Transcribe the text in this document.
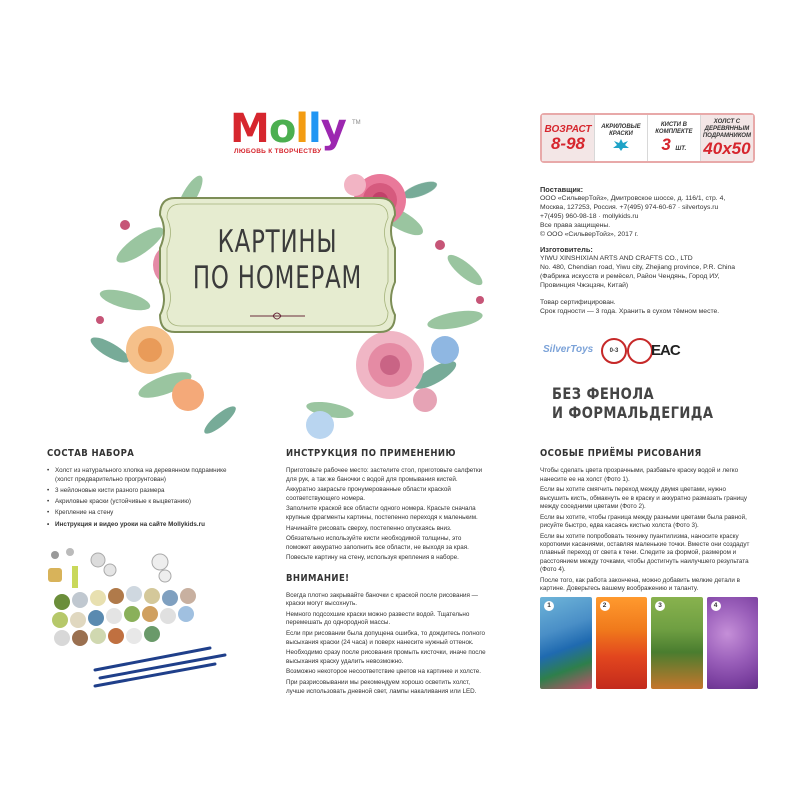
Molly	TM
ЛЮБОВЬ К ТВОРЧЕСТВУ
КАРТИНЫ
ПО НОМЕРАМ
ВОЗРАСТ
8-98
АКРИЛОВЫЕ КРАСКИ
КИСТИ В КОМПЛЕКТЕ
3 ШТ.
ХОЛСТ С ДЕРЕВЯННЫМ ПОДРАМНИКОМ
40х50
Поставщик:
ООО «СильверТойз», Дмитровское шоссе, д. 116/1, стр. 4,
Москва, 127253, Россия. +7(495) 974-60-67 · silvertoys.ru
+7(495) 960-98-18 · mollykids.ru
Все права защищены.
© ООО «СильверТойз», 2017 г.
Изготовитель:
YIWU XINSHIXIAN ARTS AND CRAFTS CO., LTD
No. 480, Chendian road, Yiwu city, Zhejiang province, P.R. China
(Фабрика искусств и ремёсел, Район Чендянь, Город ИУ,
Провинция Чжэцзян, Китай)
Товар сертифицирован.
Срок годности — 3 года. Хранить в сухом тёмном месте.
SilverToys	0-3	EAC
БЕЗ ФЕНОЛА
И ФОРМАЛЬДЕГИДА
СОСТАВ НАБОРА
• Холст из натурального хлопка на деревянном подрамнике (холст предварительно прогрунтован)
• 3 нейлоновые кисти разного размера
• Акриловые краски (устойчивые к выцветанию)
• Крепление на стену
• Инструкция и видео уроки на сайте Mollykids.ru
ИНСТРУКЦИЯ ПО ПРИМЕНЕНИЮ

Приготовьте рабочее место: застелите стол, приготовьте салфетки для рук, а так же баночки с водой для промывания кистей.

Аккуратно закрасьте пронумерованные области краской соответствующего номера.

Заполните краской все области одного номера. Красьте сначала крупные фрагменты картины, постепенно переходя к маленьким.

Начинайте рисовать сверху, постепенно опускаясь вниз.

Обязательно используйте кисти необходимой толщины, это поможет аккуратно заполнить все области, не выходя за края.

Повесьте картину на стену, используя крепления в наборе.

ВНИМАНИЕ!

Всегда плотно закрывайте баночки с краской после рисования — краски могут высохнуть.

Немного подсохшие краски можно развести водой. Тщательно перемешать до однородной массы.

Если при рисовании была допущена ошибка, то дождитесь полного высыхания краски (24 часа) и поверх нанесите нужный оттенок.

Необходимо сразу после рисования промыть кисточки, иначе после высыхания краску удалить невозможно.

Возможно некоторое несоответствие цветов на картинке и холсте.

При разрисовывании мы рекомендуем хорошо осветить холст, лучше использовать дневной свет, лампы накаливания или LED.

ОСОБЫЕ ПРИЁМЫ РИСОВАНИЯ

Чтобы сделать цвета прозрачными, разбавьте краску водой и легко нанесите ее на холст (Фото 1).

Если вы хотите смягчить переход между двумя цветами, нужно высушить кисть, обмакнуть ее в краску и аккуратно размазать границу между соседними цветами (Фото 2).

Если вы хотите, чтобы граница между разными цветами была равной, рисуйте быстро, едва касаясь кистью холста (Фото 3).

Если вы хотите попробовать технику пуантилизма, наносите краску короткими касаниями, оставляя маленькие точки. Вместе они создадут плавный переход от света к тени. Следите за формой, размером и расстоянием между точками, чтобы достигнуть наилучшего результата (Фото 4).

После того, как работа закончена, можно добавить мелкие детали в картине. Доверьтесь вашему воображению и таланту.

1	2	3	4
